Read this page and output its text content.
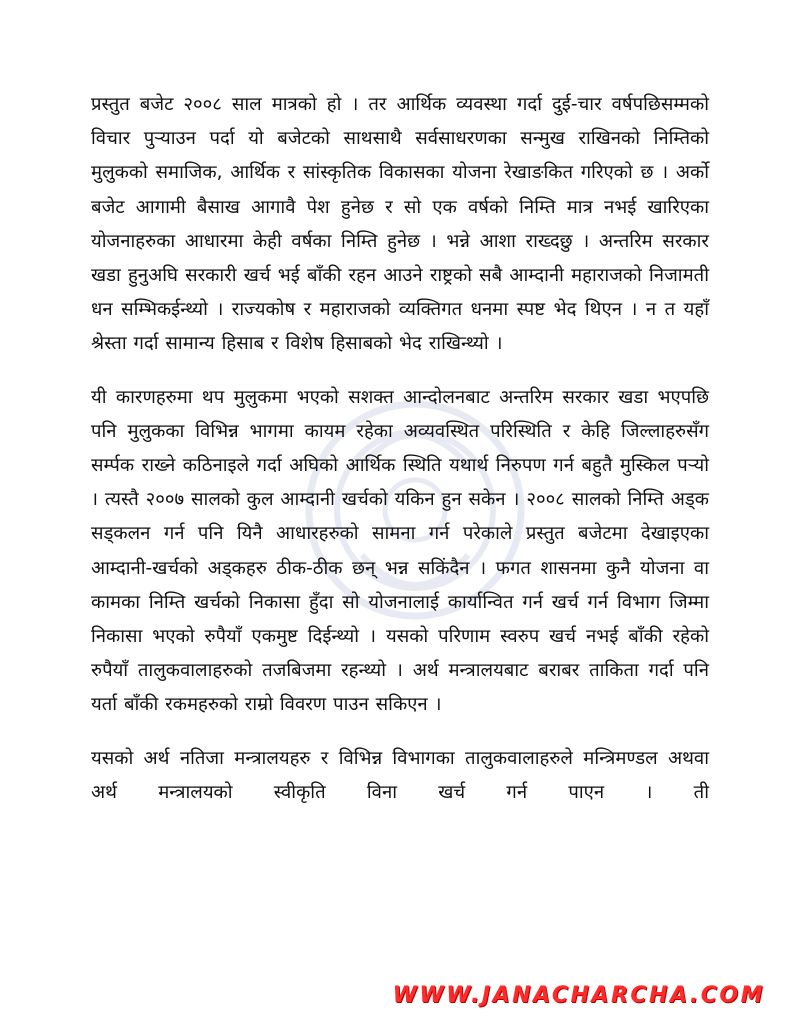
प्रस्तुत बजेट २००८ साल मात्रको हो । तर आर्थिक व्यवस्था गर्दा दुई-चार वर्षपछिसम्मको विचार पुऱ्याउन पर्दा यो बजेटको साथसाथै सर्वसाधरणका सन्मुख राखिनको निम्तिको मुलुकको समाजिक, आर्थिक र सांस्कृतिक विकासका योजना रेखाङकित गरिएको छ । अर्को बजेट आगामी बैसाख आगावै पेश हुनेछ र सो एक वर्षको निम्ति मात्र नभई खारिएका योजनाहरुका आधारमा केही वर्षका निम्ति हुनेछ । भन्ने आशा राख्दछु । अन्तरिम सरकार खडा हुनुअघि सरकारी खर्च भई बाँकी रहन आउने राष्ट्रको सबै आम्दानी महाराजको निजामती धन सम्भिकईन्थ्यो । राज्यकोष र महाराजको व्यक्तिगत धनमा स्पष्ट भेद थिएन । न त यहाँ श्रेस्ता गर्दा सामान्य हिसाब र विशेष हिसाबको भेद राखिन्थ्यो ।

यी कारणहरुमा थप मुलुकमा भएको सशक्त आन्दोलनबाट अन्तरिम सरकार खडा भएपछि पनि मुलुकका विभिन्न भागमा कायम रहेका अव्यवस्थित परिस्थिति र केहि जिल्लाहरुसँग सर्म्पक राख्ने कठिनाइले गर्दा अघिको आर्थिक स्थिति यथार्थ निरुपण गर्न बहुतै मुस्किल पऱ्यो । त्यस्तै २००७ सालको कुल आम्दानी खर्चको यकिन हुन सकेन । २००८ सालको निम्ति अड्क सड्कलन गर्न पनि यिनै आधारहरुको सामना गर्न परेकाले प्रस्तुत बजेटमा देखाइएका आम्दानी-खर्चको अड्कहरु ठीक-ठीक छन् भन्न सकिंदैन । फगत शासनमा कुनै योजना वा कामका निम्ति खर्चको निकासा हुँदा सो योजनालाई कार्यान्वित गर्न खर्च गर्न विभाग जिम्मा निकासा भएको रुपैयाँ एकमुष्ट दिईन्थ्यो । यसको परिणाम स्वरुप खर्च नभई बाँकी रहेको रुपैयाँ तालुकवालाहरुको तजबिजमा रहन्थ्यो । अर्थ मन्त्रालयबाट बराबर ताकिता गर्दा पनि यर्ता बाँकी रकमहरुको राम्रो विवरण पाउन सकिएन ।

यसको अर्थ नतिजा मन्त्रालयहरु र विभिन्न विभागका तालुकवालाहरुले मन्त्रिमण्डल अथवा अर्थ मन्त्रालयको स्वीकृति विना खर्च गर्न पाएन । ती

WWW.JANACHARCHA.COM
